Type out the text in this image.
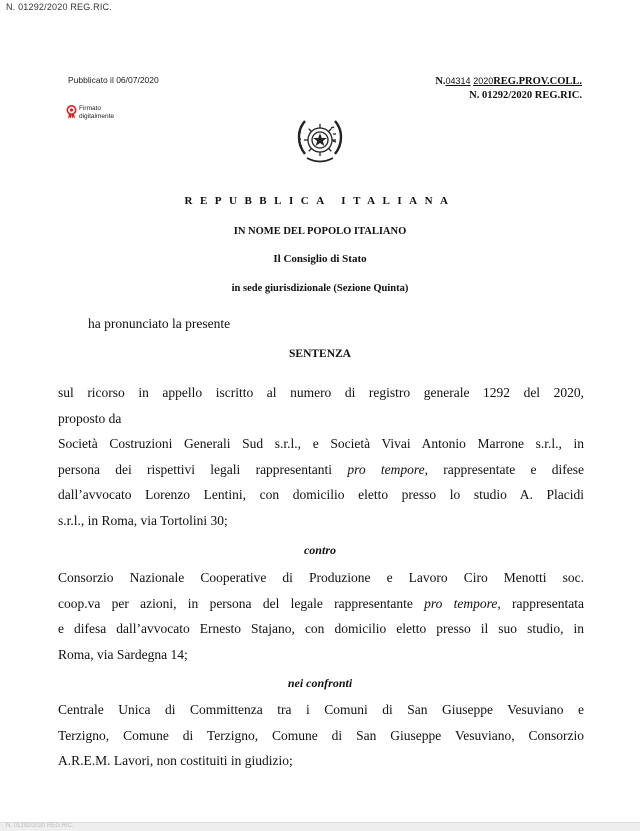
N. 01292/2020 REG.RIC.
Pubblicato il 06/07/2020
Firmato
digitalmente
N.04314 2020REG.PROV.COLL.
N. 01292/2020 REG.RIC.
REPUBBLICA ITALIANA
IN NOME DEL POPOLO ITALIANO
Il Consiglio di Stato
in sede giurisdizionale (Sezione Quinta)
ha pronunciato la presente
SENTENZA
sul ricorso in appello iscritto al numero di registro generale 1292 del 2020,
proposto da
Società Costruzioni Generali Sud s.r.l., e Società Vivai Antonio Marrone s.r.l., in
persona dei rispettivi legali rappresentanti pro tempore, rappresentate e difese
dall’avvocato Lorenzo Lentini, con domicilio eletto presso lo studio A. Placidi
s.r.l., in Roma, via Tortolini 30;
contro
Consorzio Nazionale Cooperative di Produzione e Lavoro Ciro Menotti soc.
coop.va per azioni, in persona del legale rappresentante pro tempore, rappresentata
e difesa dall’avvocato Ernesto Stajano, con domicilio eletto presso il suo studio, in
Roma, via Sardegna 14;
nei confronti
Centrale Unica di Committenza tra i Comuni di San Giuseppe Vesuviano e
Terzigno, Comune di Terzigno, Comune di San Giuseppe Vesuviano, Consorzio
A.R.E.M. Lavori, non costituiti in giudizio;
N. 01292/2020 REG.RIC.
